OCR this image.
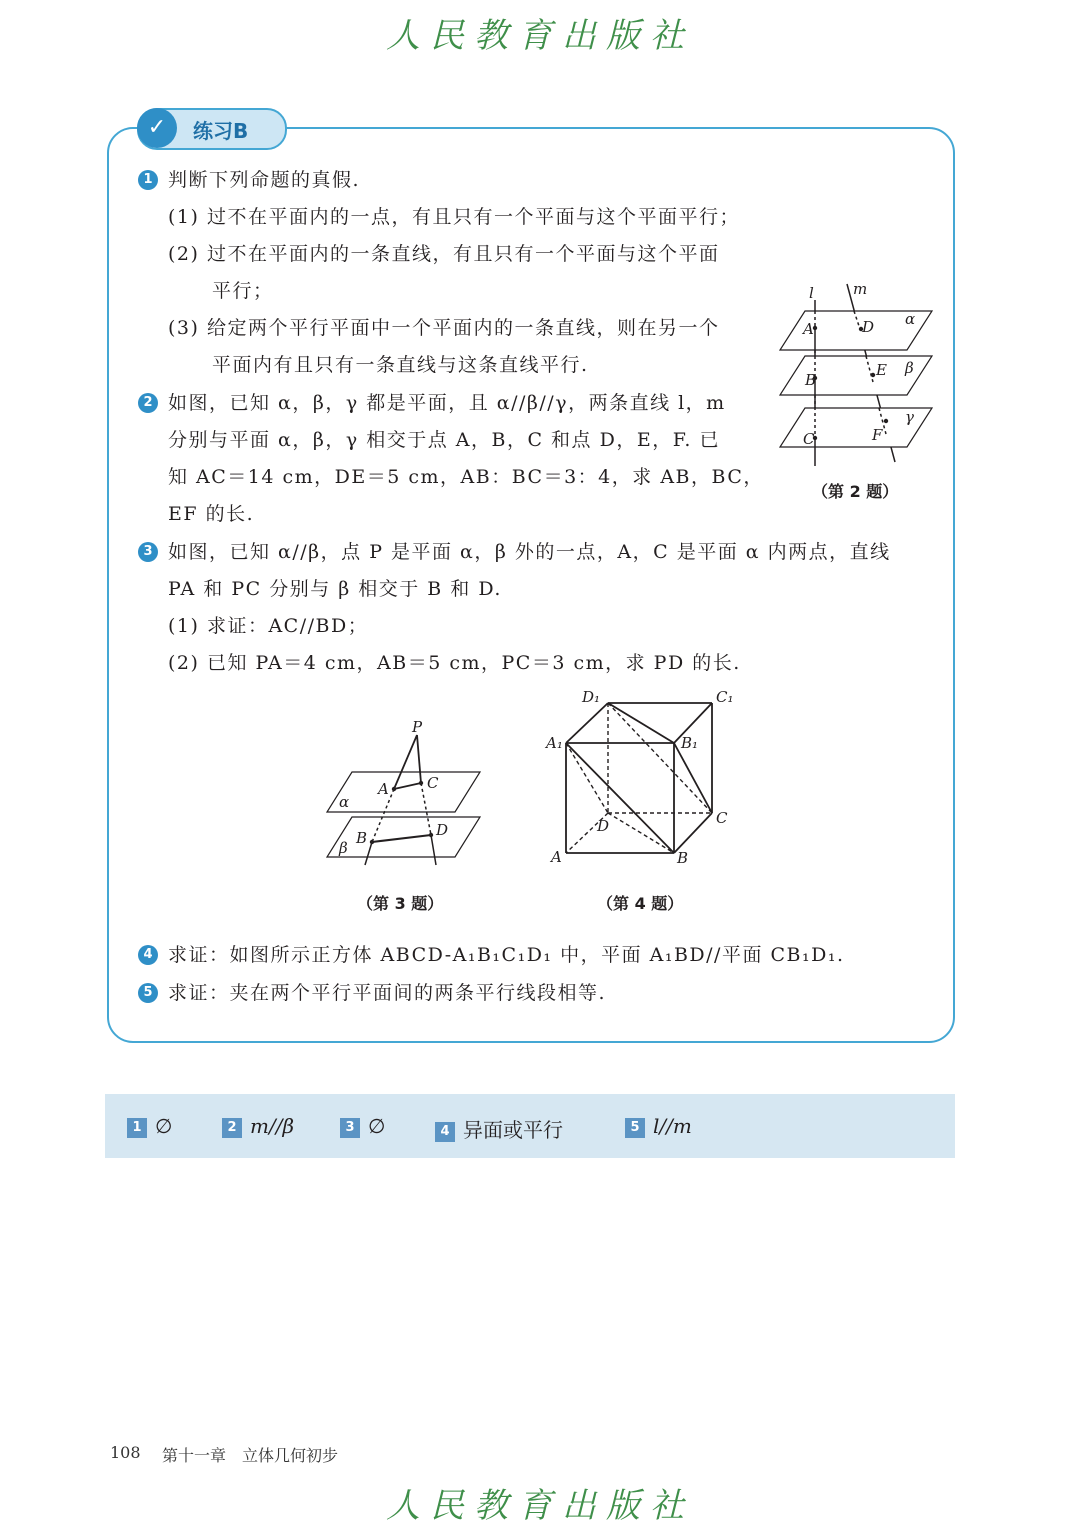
人民教育出版社
✓	练习B
1 判断下列命题的真假.
(1) 过不在平面内的一点，有且只有一个平面与这个平面平行；
(2) 过不在平面内的一条直线，有且只有一个平面与这个平面
平行；
(3) 给定两个平行平面中一个平面内的一条直线，则在另一个
平面内有且只有一条直线与这条直线平行.
2 如图，已知 α，β，γ 都是平面，且 α//β//γ，两条直线 l，m
分别与平面 α，β，γ 相交于点 A，B，C 和点 D，E，F. 已
知 AC＝14 cm，DE＝5 cm，AB：BC＝3：4，求 AB，BC，
EF 的长.
l	m
A	D α
B
E β
C	F
γ
（第 2 题）
3 如图，已知 α//β，点 P 是平面 α，β 外的一点，A，C 是平面 α 内两点，直线
PA 和 PC 分别与 β 相交于 B 和 D.
(1) 求证：AC//BD；
(2) 已知 PA＝4 cm，AB＝5 cm，PC＝3 cm，求 PD 的长.
P
A	C
α
B	D
β
（第 3 题）
D₁	C₁
A₁	B₁
D	C
A	B
（第 4 题）
4 求证：如图所示正方体 ABCD-A₁B₁C₁D₁ 中，平面 A₁BD//平面 CB₁D₁.
5 求证：夹在两个平行平面间的两条平行线段相等.
1 ∅	2 m//β	3 ∅	4 异面或平行	5 l//m
108 第十一章　立体几何初步
人民教育出版社
